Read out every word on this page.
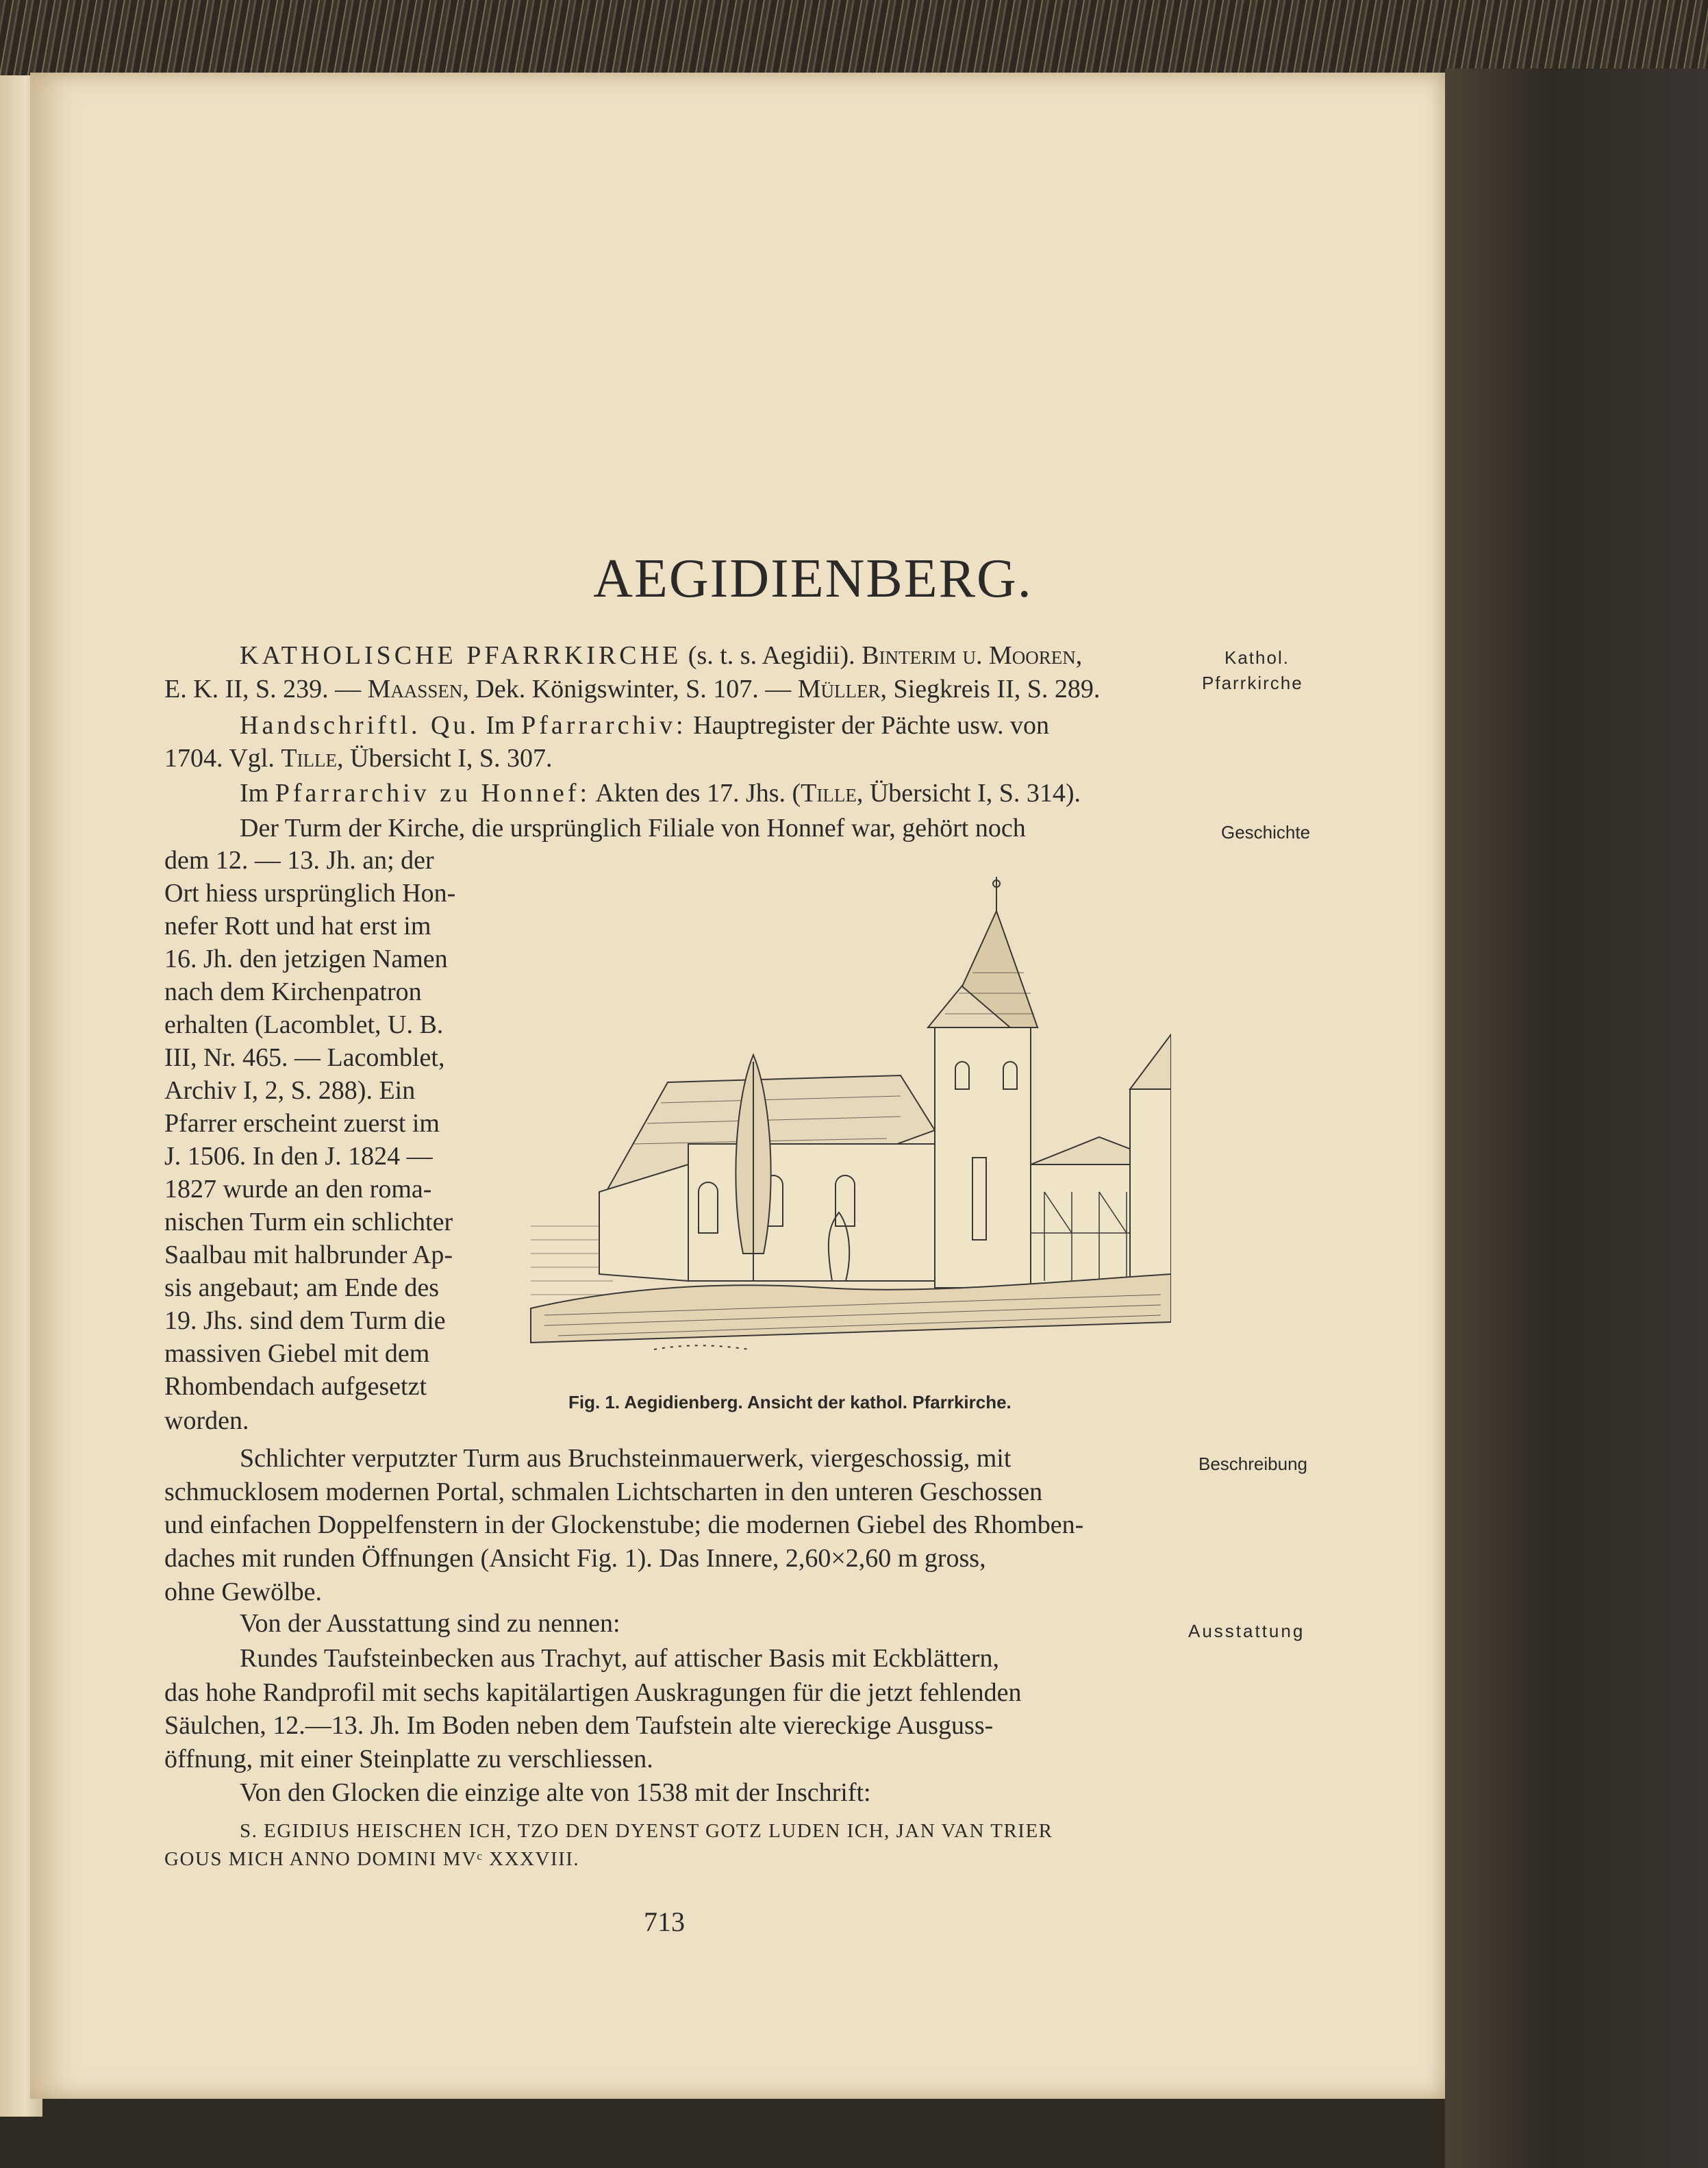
AEGIDIENBERG.
KATHOLISCHE PFARRKIRCHE (s. t. s. Aegidii). Binterim u. Mooren,
E. K. II, S. 239. — Maassen, Dek. Königswinter, S. 107. — Müller, Siegkreis II, S. 289.
Handschriftl. Qu. Im Pfarrarchiv: Hauptregister der Pächte usw. von
1704. Vgl. Tille, Übersicht I, S. 307.
Im Pfarrarchiv zu Honnef: Akten des 17. Jhs. (Tille, Übersicht I, S. 314).
Der Turm der Kirche, die ursprünglich Filiale von Honnef war, gehört noch
dem 12. — 13. Jh. an; der
Ort hiess ursprünglich Hon-
nefer Rott und hat erst im
16. Jh. den jetzigen Namen
nach dem Kirchenpatron
erhalten (Lacomblet, U. B.
III, Nr. 465. — Lacomblet,
Archiv I, 2, S. 288). Ein
Pfarrer erscheint zuerst im
J. 1506. In den J. 1824 —
1827 wurde an den roma-
nischen Turm ein schlichter
Saalbau mit halbrunder Ap-
sis angebaut; am Ende des
19. Jhs. sind dem Turm die
massiven Giebel mit dem
Rhombendach aufgesetzt
worden.
Fig. 1. Aegidienberg. Ansicht der kathol. Pfarrkirche.
Schlichter verputzter Turm aus Bruchsteinmauerwerk, viergeschossig, mit
schmucklosem modernen Portal, schmalen Lichtscharten in den unteren Geschossen
und einfachen Doppelfenstern in der Glockenstube; die modernen Giebel des Rhomben-
daches mit runden Öffnungen (Ansicht Fig. 1). Das Innere, 2,60×2,60 m gross,
ohne Gewölbe.
Von der Ausstattung sind zu nennen:
Rundes Taufsteinbecken aus Trachyt, auf attischer Basis mit Eckblättern,
das hohe Randprofil mit sechs kapitälartigen Auskragungen für die jetzt fehlenden
Säulchen, 12.—13. Jh. Im Boden neben dem Taufstein alte viereckige Ausguss-
öffnung, mit einer Steinplatte zu verschliessen.
Von den Glocken die einzige alte von 1538 mit der Inschrift:
S. EGIDIUS HEISCHEN ICH, TZO DEN DYENST GOTZ LUDEN ICH, JAN VAN TRIER
GOUS MICH ANNO DOMINI MVᶜ XXXVIII.
713
Kathol.
Pfarrkirche
Geschichte
Beschreibung
Ausstattung
